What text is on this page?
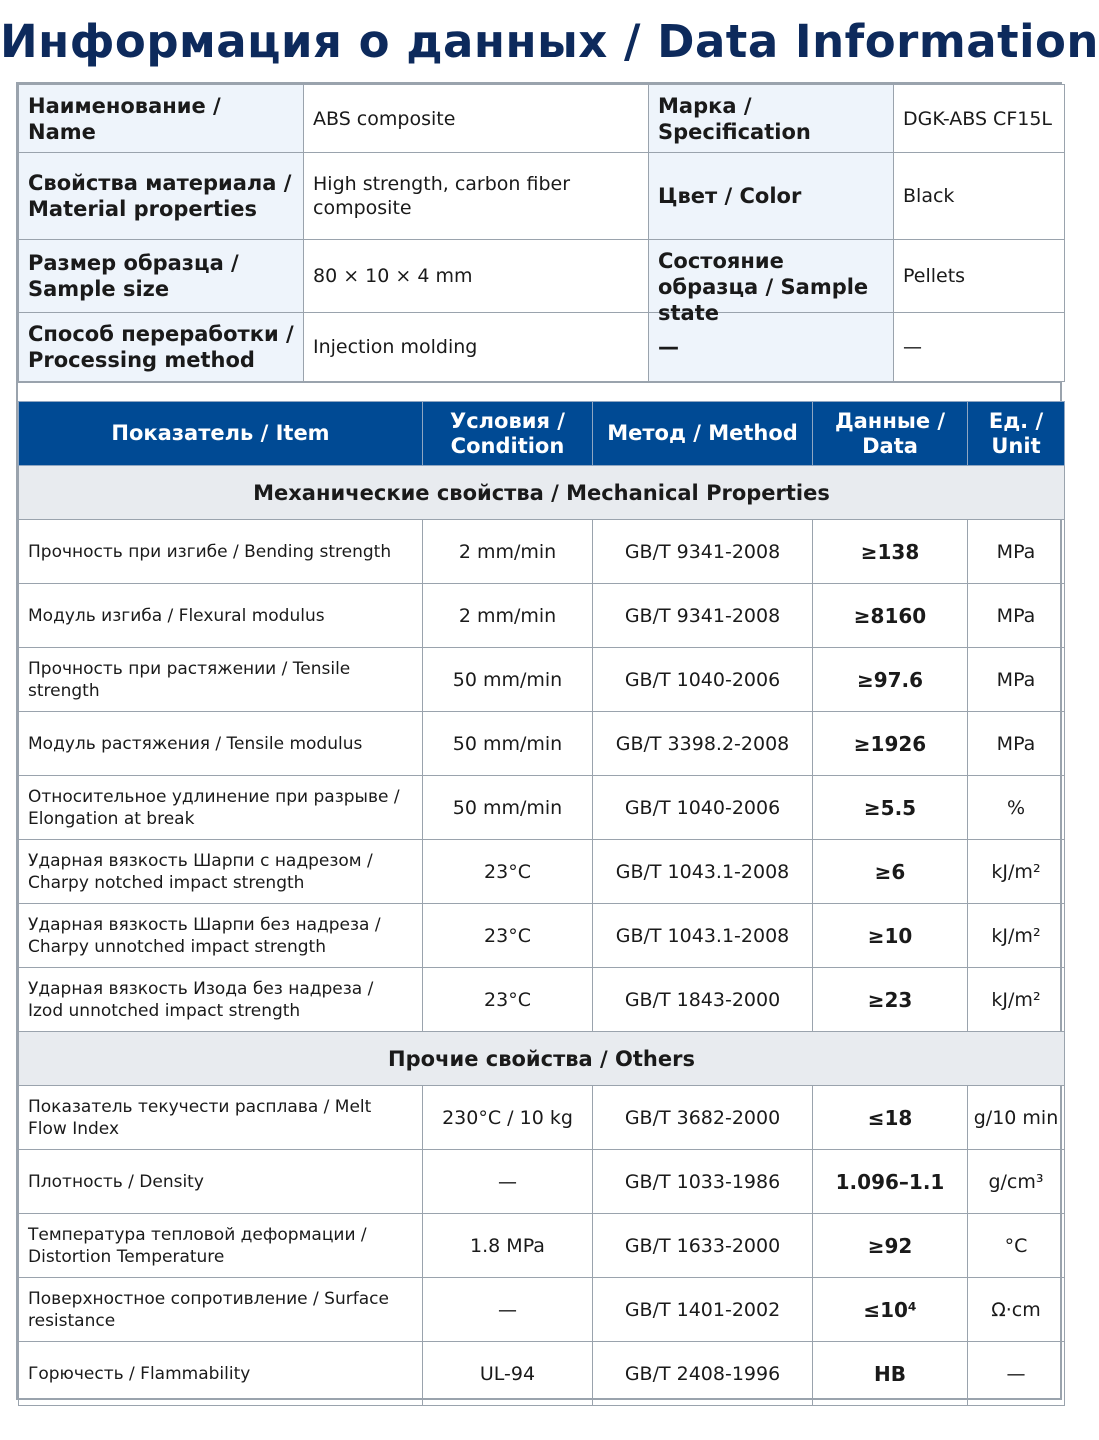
Информация о данных / Data Information
Наименование / Name	ABS composite	Марка / Specification	DGK-ABS CF15L
Свойства материала / Material properties	High strength, carbon fiber composite	Цвет / Color	Black
Размер образца / Sample size	80 × 10 × 4 mm	Состояние образца / Sample state	Pellets
Способ переработки / Processing method	Injection molding	—	—
Показатель / Item	Условия / Condition	Метод / Method	Данные / Data	Ед. / Unit
Механические свойства / Mechanical Properties				
Прочность при изгибе / Bending strength	2 mm/min	GB/T 9341-2008	≥138	MPa
Модуль изгиба / Flexural modulus	2 mm/min	GB/T 9341-2008	≥8160	MPa
Прочность при растяжении / Tensile strength	50 mm/min	GB/T 1040-2006	≥97.6	MPa
Модуль растяжения / Tensile modulus	50 mm/min	GB/T 3398.2-2008	≥1926	MPa
Относительное удлинение при разрыве / Elongation at break	50 mm/min	GB/T 1040-2006	≥5.5	%
Ударная вязкость Шарпи с надрезом / Charpy notched impact strength	23°C	GB/T 1043.1-2008	≥6	kJ/m²
Ударная вязкость Шарпи без надреза / Charpy unnotched impact strength	23°C	GB/T 1043.1-2008	≥10	kJ/m²
Ударная вязкость Изода без надреза / Izod unnotched impact strength	23°C	GB/T 1843-2000	≥23	kJ/m²
Прочие свойства / Others				
Показатель текучести расплава / Melt Flow Index	230°C / 10 kg	GB/T 3682-2000	≤18	g/10 min
Плотность / Density	—	GB/T 1033-1986	1.096–1.1	g/cm³
Температура тепловой деформации / Distortion Temperature	1.8 MPa	GB/T 1633-2000	≥92	°C
Поверхностное сопротивление / Surface resistance	—	GB/T 1401-2002	≤10⁴	Ω·cm
Горючесть / Flammability	UL-94	GB/T 2408-1996	HB	—
